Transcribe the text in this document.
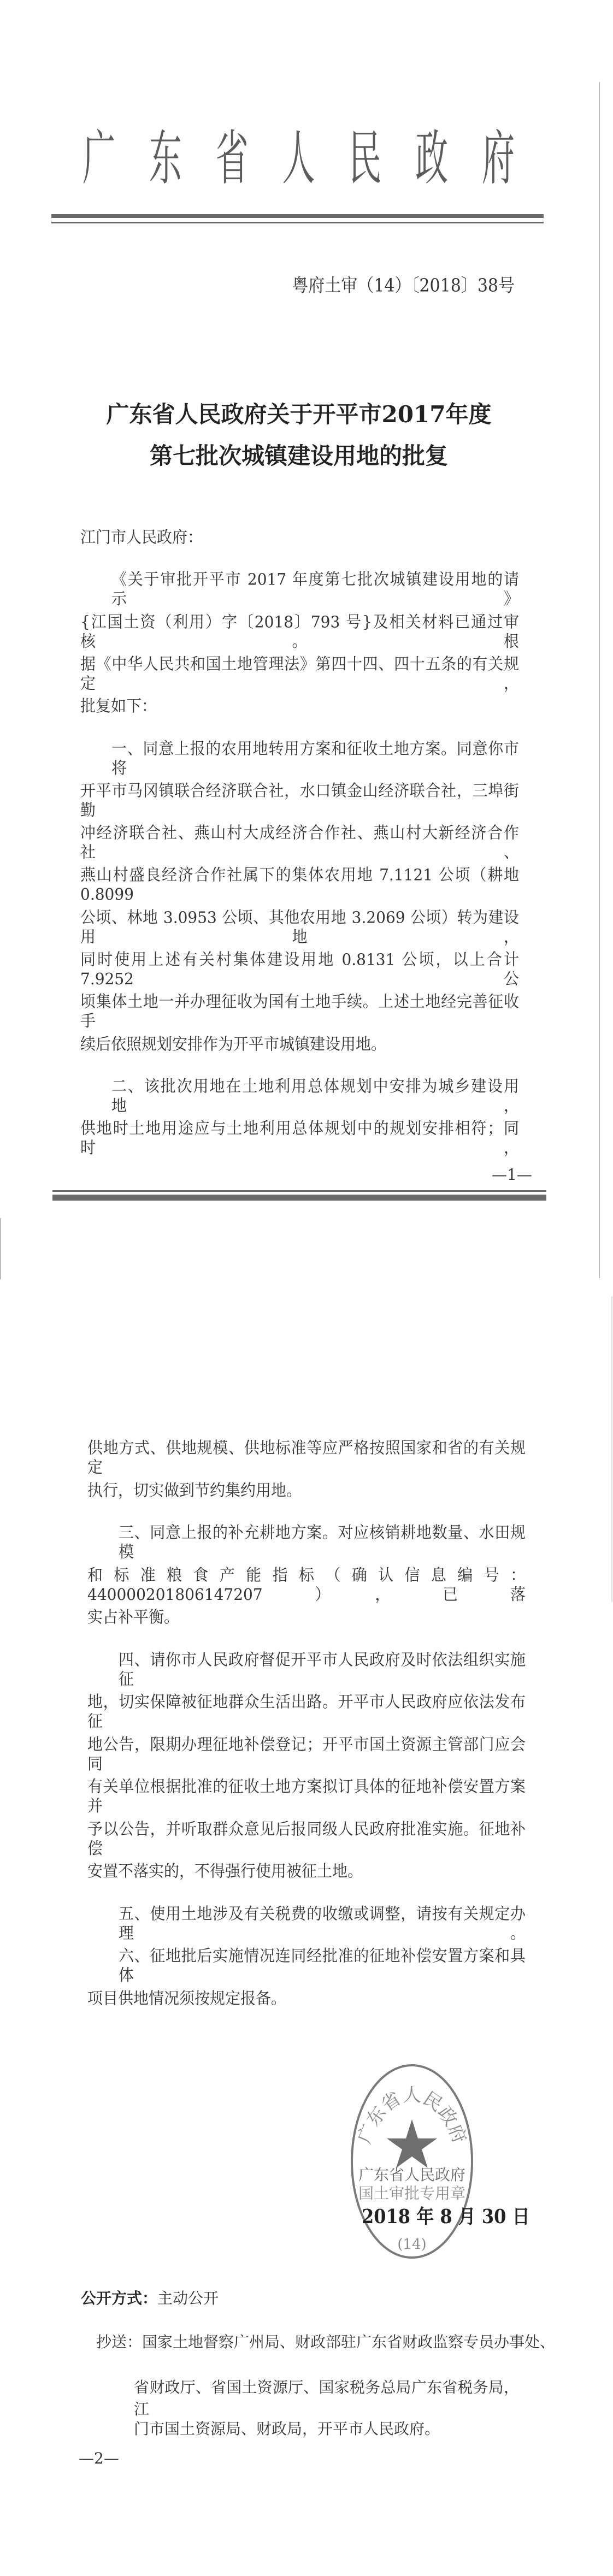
广 东 省 人 民 政 府
粤府土审（14）〔2018〕38号
广东省人民政府关于开平市2017年度
第七批次城镇建设用地的批复
江门市人民政府：
《关于审批开平市 2017 年度第七批次城镇建设用地的请示》
{江国土资（利用）字〔2018〕793 号}及相关材料已通过审核。根
据《中华人民共和国土地管理法》第四十四、四十五条的有关规定，
批复如下：
一、同意上报的农用地转用方案和征收土地方案。同意你市将
开平市马冈镇联合经济联合社，水口镇金山经济联合社，三埠街勤
冲经济联合社、燕山村大成经济合作社、燕山村大新经济合作社、
燕山村盛良经济合作社属下的集体农用地 7.1121 公顷（耕地 0.8099
公顷、林地 3.0953 公顷、其他农用地 3.2069 公顷）转为建设用地，
同时使用上述有关村集体建设用地 0.8131 公顷，以上合计 7.9252 公
顷集体土地一并办理征收为国有土地手续。上述土地经完善征收手
续后依照规划安排作为开平市城镇建设用地。
二、该批次用地在土地利用总体规划中安排为城乡建设用地，
供地时土地用途应与土地利用总体规划中的规划安排相符；同时，
—1—
供地方式、供地规模、供地标准等应严格按照国家和省的有关规定
执行，切实做到节约集约用地。
三、同意上报的补充耕地方案。对应核销耕地数量、水田规模
和标准粮食产能指标（确认信息编号：440000201806147207），已落
实占补平衡。
四、请你市人民政府督促开平市人民政府及时依法组织实施征
地，切实保障被征地群众生活出路。开平市人民政府应依法发布征
地公告，限期办理征地补偿登记；开平市国土资源主管部门应会同
有关单位根据批准的征收土地方案拟订具体的征地补偿安置方案并
予以公告，并听取群众意见后报同级人民政府批准实施。征地补偿
安置不落实的，不得强行使用被征土地。
五、使用土地涉及有关税费的收缴或调整，请按有关规定办理。
六、征地批后实施情况连同经批准的征地补偿安置方案和具体
项目供地情况须按规定报备。
广东省人民政府
广东省人民政府
国土审批专用章
(14)
2018 年 8 月 30 日
公开方式：主动公开
抄送：国家土地督察广州局、财政部驻广东省财政监察专员办事处、
省财政厅、省国土资源厅、国家税务总局广东省税务局，江
门市国土资源局、财政局，开平市人民政府。
—2—
